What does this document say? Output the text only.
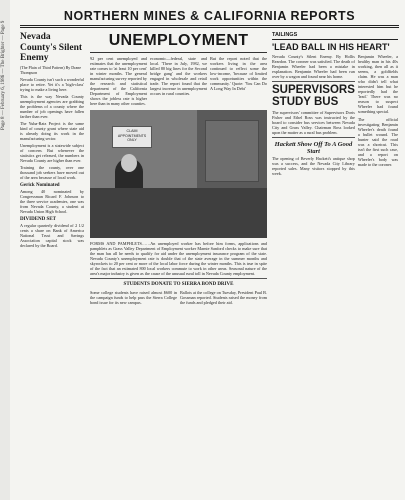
Page 8 — February 6, 1986 — The Brighter — Page 9
NORTHERN MINES & CALIFORNIA REPORTS
Nevada County's Silent Enemy
(The Plain of Third Pattern) By Drane Thompson

Nevada County isn't such a wonderful place to retire. Yet it's a 'high-class' trying to make a living here.

This is the way Nevada County unemployment agencies are grabbing the problems of a county where the number of job openings have fallen farther than ever.

The Yuba-Ratz Project is the same kind of county grant where state aid is already doing its work in the manufacturing sector.

Unemployment is a statewide subject of concern. But whenever the statistics get released, the numbers in Nevada County are higher than ever.

Training the county, over one thousand job seekers have moved out of the area because of local work.

Gerick Nominated

Among 40 nominated by Congressman Ricard F. Johnson to the three service academies, one was from Nevada County, a student at Nevada Union High School.

DIVIDEND SET

A regular quarterly dividend of 2 1/2 cents a share on Bank of America National Trust and Savings Association capital stock was declared by the Board.

UNEMPLOYMENT
92 per cent unemployed and estimates that the unemployment rate comes to 'at least 10 per cent' in winter months. The general manufacturing survey reported by the research and statistical department of the California Department of Employment shows the jobless rate is higher here than in many other counties.
economic—federal, state and local. 'There in July, 1982, we killed 80 big lines for the Second bridge gang' and the workers engaged in wholesale and retail trade. The report found that the largest increase in unemployment occurs in rural counties.
But the report noted that the workers living in the area continued to reflect some the low-income, 'because of limited work opportunities within the community.' Quote: 'You Can Do A Long Way In Debt'
CLAIM APPOINTMENTS ONLY
FORMS AND PAMPHLETS……An unemployed worker has before him forms, applications and pamphlets as Grass Valley Department of Employment worker Marnie Sanford checks to make sure that the man has all he needs to qualify for aid under the unemployment insurance program of the state. Nevada County's unemployment rate is double that of the state average in the summer months and skyrockets to 20 per cent or more of the local labor force during the winter months. This is true in spite of the fact that an estimated 800 local workers commute to work in other areas. Seasonal nature of the area's major industry is given as the cause of the unusual rural toll in Nevada County employment.
STUDENTS DONATE TO SIERRA BOND DRIVE
Some college students have raised almost $600 in the campaign funds to help pass the Sierra College bond issue for its new campus.
Ballots at the college on Tuesday, President Paul B. Gossman reported. Students raised the money from the funds and pledged their aid.
TAILINGS
'LEAD BALL IN HIS HEART'
Nevada County's Silent Enemy. By Hollis Reardon. The coroner was satisfied. The death of Benjamin Wheeler had been a mistake in explanation. Benjamin Wheeler had been run over by a wagon and found near his home.
SUPERVISORS STUDY BUS
The supervisors' committee of Supervisors Doris Fisher and Ethel Ross was instructed by the board to consider bus services between Nevada City and Grass Valley. Chairman Ross looked upon the matter as a rural bus problem.
Hackett Show Off To A Good Start
The opening of Beverly Hackett's antique shop was a success, and the Nevada City Library reported sales. Many visitors stopped by this week.
Benjamin Wheeler, a healthy man in his 40s working, then all as it seems, a goldfields claim. He was a man who didn't tell what interested him but he reportedly had the 'lead.' There was no reason to suspect Wheeler had found something special.
The official investigating Benjamin Wheeler's death found a bullet wound. The hunter said the road was a shortcut. This isn't the first such case, and a report on Wheeler's body was made to the coroner.
